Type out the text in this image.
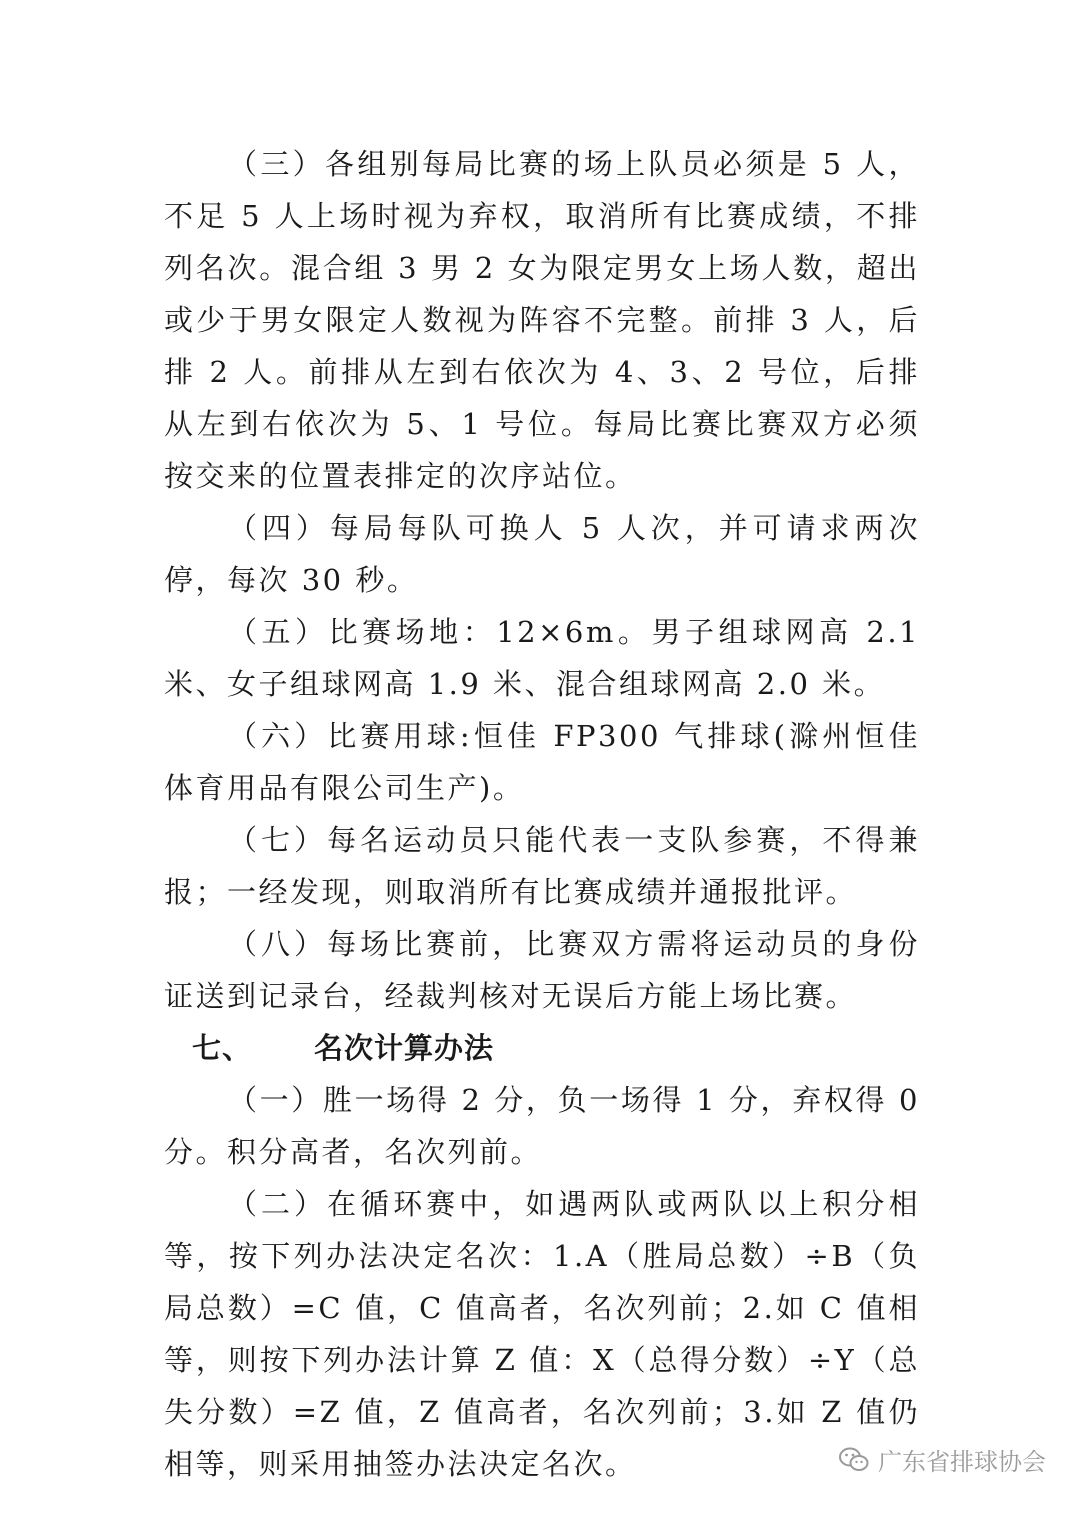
（三）各组别每局比赛的场上队员必须是 5 人，不足 5 人上场时视为弃权，取消所有比赛成绩，不排列名次。混合组 3 男 2 女为限定男女上场人数，超出或少于男女限定人数视为阵容不完整。前排 3 人，后排 2 人。前排从左到右依次为 4、3、2 号位，后排从左到右依次为 5、1 号位。每局比赛比赛双方必须按交来的位置表排定的次序站位。

（四）每局每队可换人 5 人次，并可请求两次停，每次 30 秒。

（五）比赛场地：12×6m。男子组球网高 2.1 米、女子组球网高 1.9 米、混合组球网高 2.0 米。

（六）比赛用球:恒佳 FP300 气排球(滁州恒佳体育用品有限公司生产)。

（七）每名运动员只能代表一支队参赛，不得兼报；一经发现，则取消所有比赛成绩并通报批评。

（八）每场比赛前，比赛双方需将运动员的身份证送到记录台，经裁判核对无误后方能上场比赛。

七、 名次计算办法

（一）胜一场得 2 分，负一场得 1 分，弃权得 0 分。积分高者，名次列前。

（二）在循环赛中，如遇两队或两队以上积分相等，按下列办法决定名次：1.A（胜局总数）÷B（负局总数）=C 值，C 值高者，名次列前；2.如 C 值相等，则按下列办法计算 Z 值：X（总得分数）÷Y（总失分数）=Z 值，Z 值高者，名次列前；3.如 Z 值仍相等，则采用抽签办法决定名次。	广东省排球协会
